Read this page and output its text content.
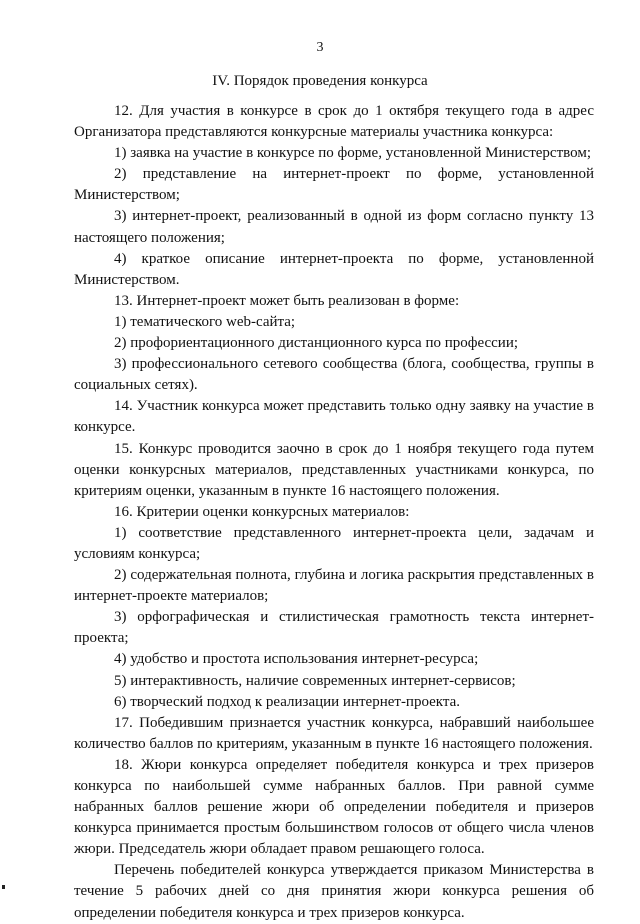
3
IV. Порядок проведения конкурса

12. Для участия в конкурсе в срок до 1 октября текущего года в адрес Организатора представляются конкурсные материалы участника конкурса:

1) заявка на участие в конкурсе по форме, установленной Министерством;

2) представление на интернет-проект по форме, установленной Министерством;

3) интернет-проект, реализованный в одной из форм согласно пункту 13 настоящего положения;

4) краткое описание интернет-проекта по форме, установленной Министерством.

13. Интернет-проект может быть реализован в форме:

1) тематического web-сайта;

2) профориентационного дистанционного курса по профессии;

3) профессионального сетевого сообщества (блога, сообщества, группы в социальных сетях).

14. Участник конкурса может представить только одну заявку на участие в конкурсе.

15. Конкурс проводится заочно в срок до 1 ноября текущего года путем оценки конкурсных материалов, представленных участниками конкурса, по критериям оценки, указанным в пункте 16 настоящего положения.

16. Критерии оценки конкурсных материалов:

1) соответствие представленного интернет-проекта цели, задачам и условиям конкурса;

2) содержательная полнота, глубина и логика раскрытия представленных в интернет-проекте материалов;

3) орфографическая и стилистическая грамотность текста интернет-проекта;

4) удобство и простота использования интернет-ресурса;

5) интерактивность, наличие современных интернет-сервисов;

6) творческий подход к реализации интернет-проекта.

17. Победившим признается участник конкурса, набравший наибольшее количество баллов по критериям, указанным в пункте 16 настоящего положения.

18. Жюри конкурса определяет победителя конкурса и трех призеров конкурса по наибольшей сумме набранных баллов. При равной сумме набранных баллов решение жюри об определении победителя и призеров конкурса принимается простым большинством голосов от общего числа членов жюри. Председатель жюри обладает правом решающего голоса.

Перечень победителей конкурса утверждается приказом Министерства в течение 5 рабочих дней со дня принятия жюри конкурса решения об определении победителя конкурса и трех призеров конкурса.
